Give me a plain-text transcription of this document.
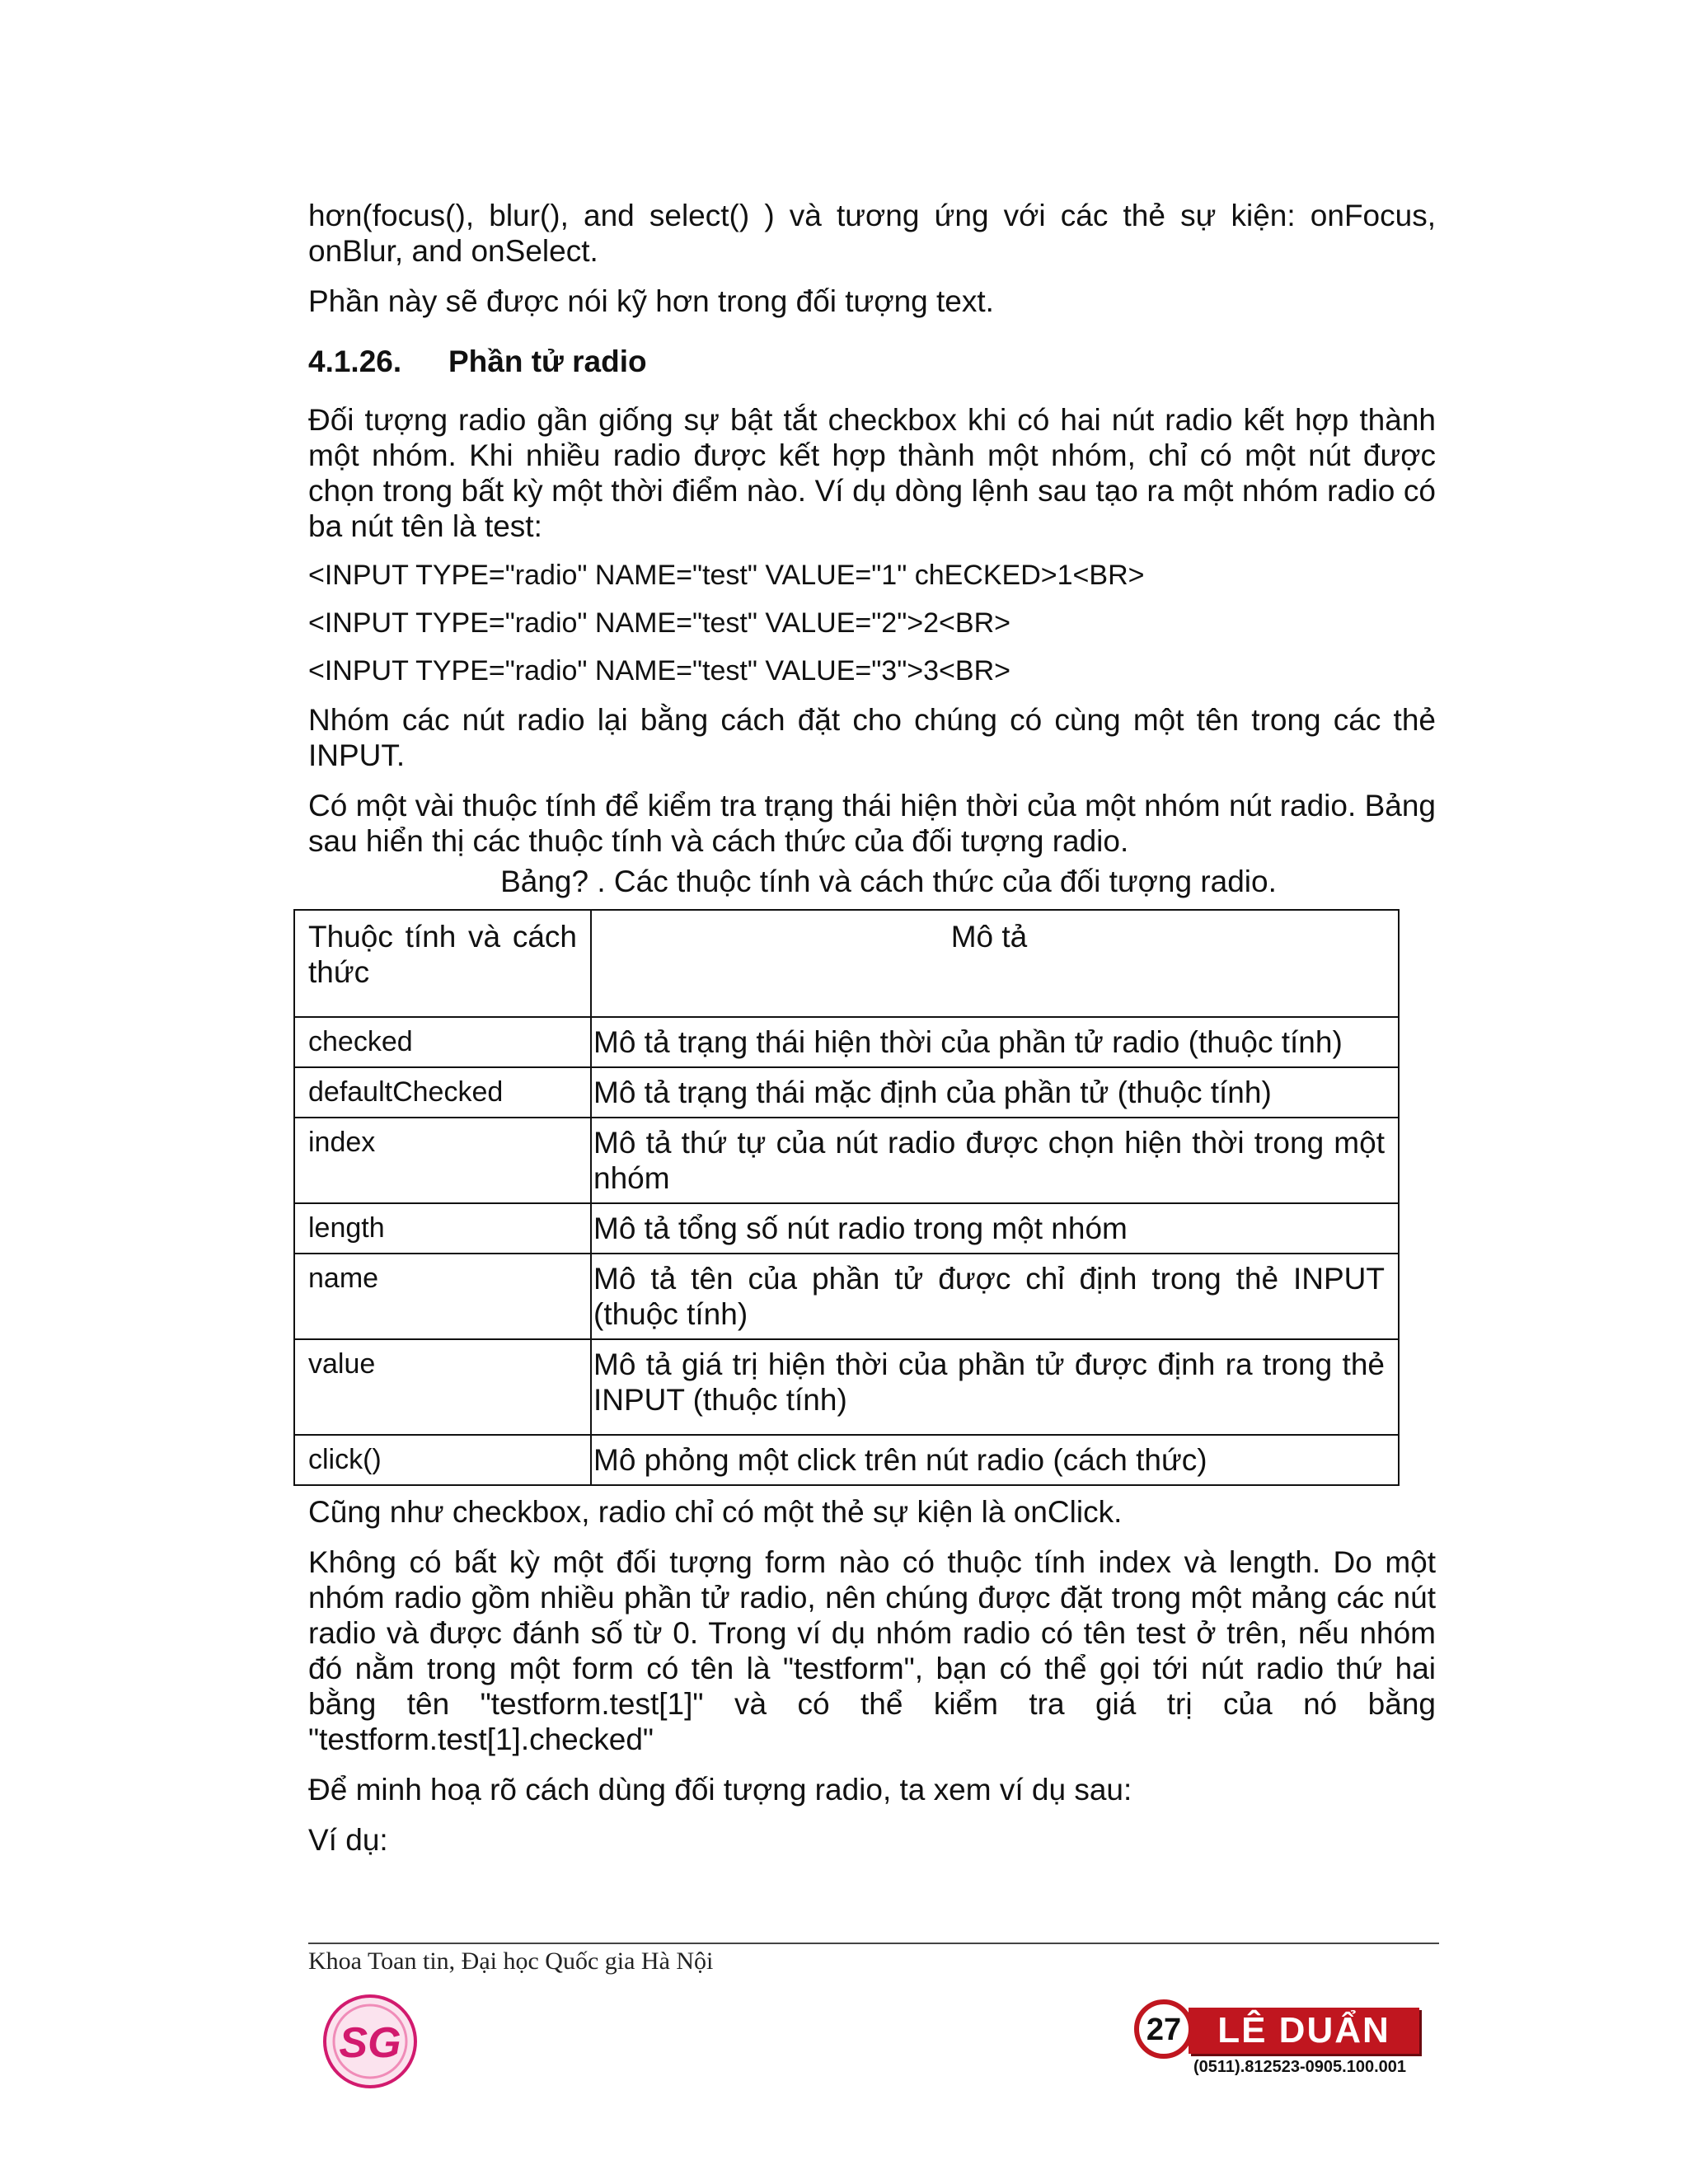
hơn(focus(), blur(), and select() ) và tương ứng với các thẻ sự kiện: onFocus, onBlur, and onSelect.

Phần này sẽ được nói kỹ hơn trong đối tượng text.

4.1.26.	Phần tử radio

Đối tượng radio gần giống sự bật tắt checkbox khi có hai nút radio kết hợp thành một nhóm. Khi nhiều radio được kết hợp thành một nhóm, chỉ có một nút được chọn trong bất kỳ một thời điểm nào. Ví dụ dòng lệnh sau tạo ra một nhóm radio có ba nút tên là test:

<INPUT TYPE="radio" NAME="test" VALUE="1" chECKED>1<BR>
<INPUT TYPE="radio" NAME="test" VALUE="2">2<BR>
<INPUT TYPE="radio" NAME="test" VALUE="3">3<BR>

Nhóm các nút radio lại bằng cách đặt cho chúng có cùng một tên trong các thẻ INPUT.

Có một vài thuộc tính để kiểm tra trạng thái hiện thời của một nhóm nút radio. Bảng sau hiển thị các thuộc tính và cách thức của đối tượng radio.

Bảng? . Các thuộc tính và cách thức của đối tượng radio.
Thuộc tính và cách thức	Mô tả
checked	Mô tả trạng thái hiện thời của phần tử radio (thuộc tính)
defaultChecked	Mô tả trạng thái mặc định của phần tử (thuộc tính)
index	Mô tả thứ tự của nút radio được chọn hiện thời trong một nhóm
length	Mô tả tổng số nút radio trong một nhóm
name	Mô tả tên của phần tử được chỉ định trong thẻ INPUT (thuộc tính)
value	Mô tả giá trị hiện thời của phần tử được định ra trong thẻ INPUT (thuộc tính)
click()	Mô phỏng một click trên nút radio (cách thức)

Cũng như checkbox, radio chỉ có một thẻ sự kiện là onClick.

Không có bất kỳ một đối tượng form nào có thuộc tính index và length. Do một nhóm radio gồm nhiều phần tử radio, nên chúng được đặt trong một mảng các nút radio và được đánh số từ 0. Trong ví dụ nhóm radio có tên test ở trên, nếu nhóm đó nằm trong một form có tên là "testform", bạn có thể gọi tới nút radio thứ hai bằng tên "testform.test[1]" và có thể kiểm tra giá trị của nó bằng "testform.test[1].checked"

Để minh hoạ rõ cách dùng đối tượng radio, ta xem ví dụ sau:

Ví dụ:

Khoa Toan tin, Đại học Quốc gia Hà Nội
SG	27	LÊ DUẨN
(0511).812523-0905.100.001
